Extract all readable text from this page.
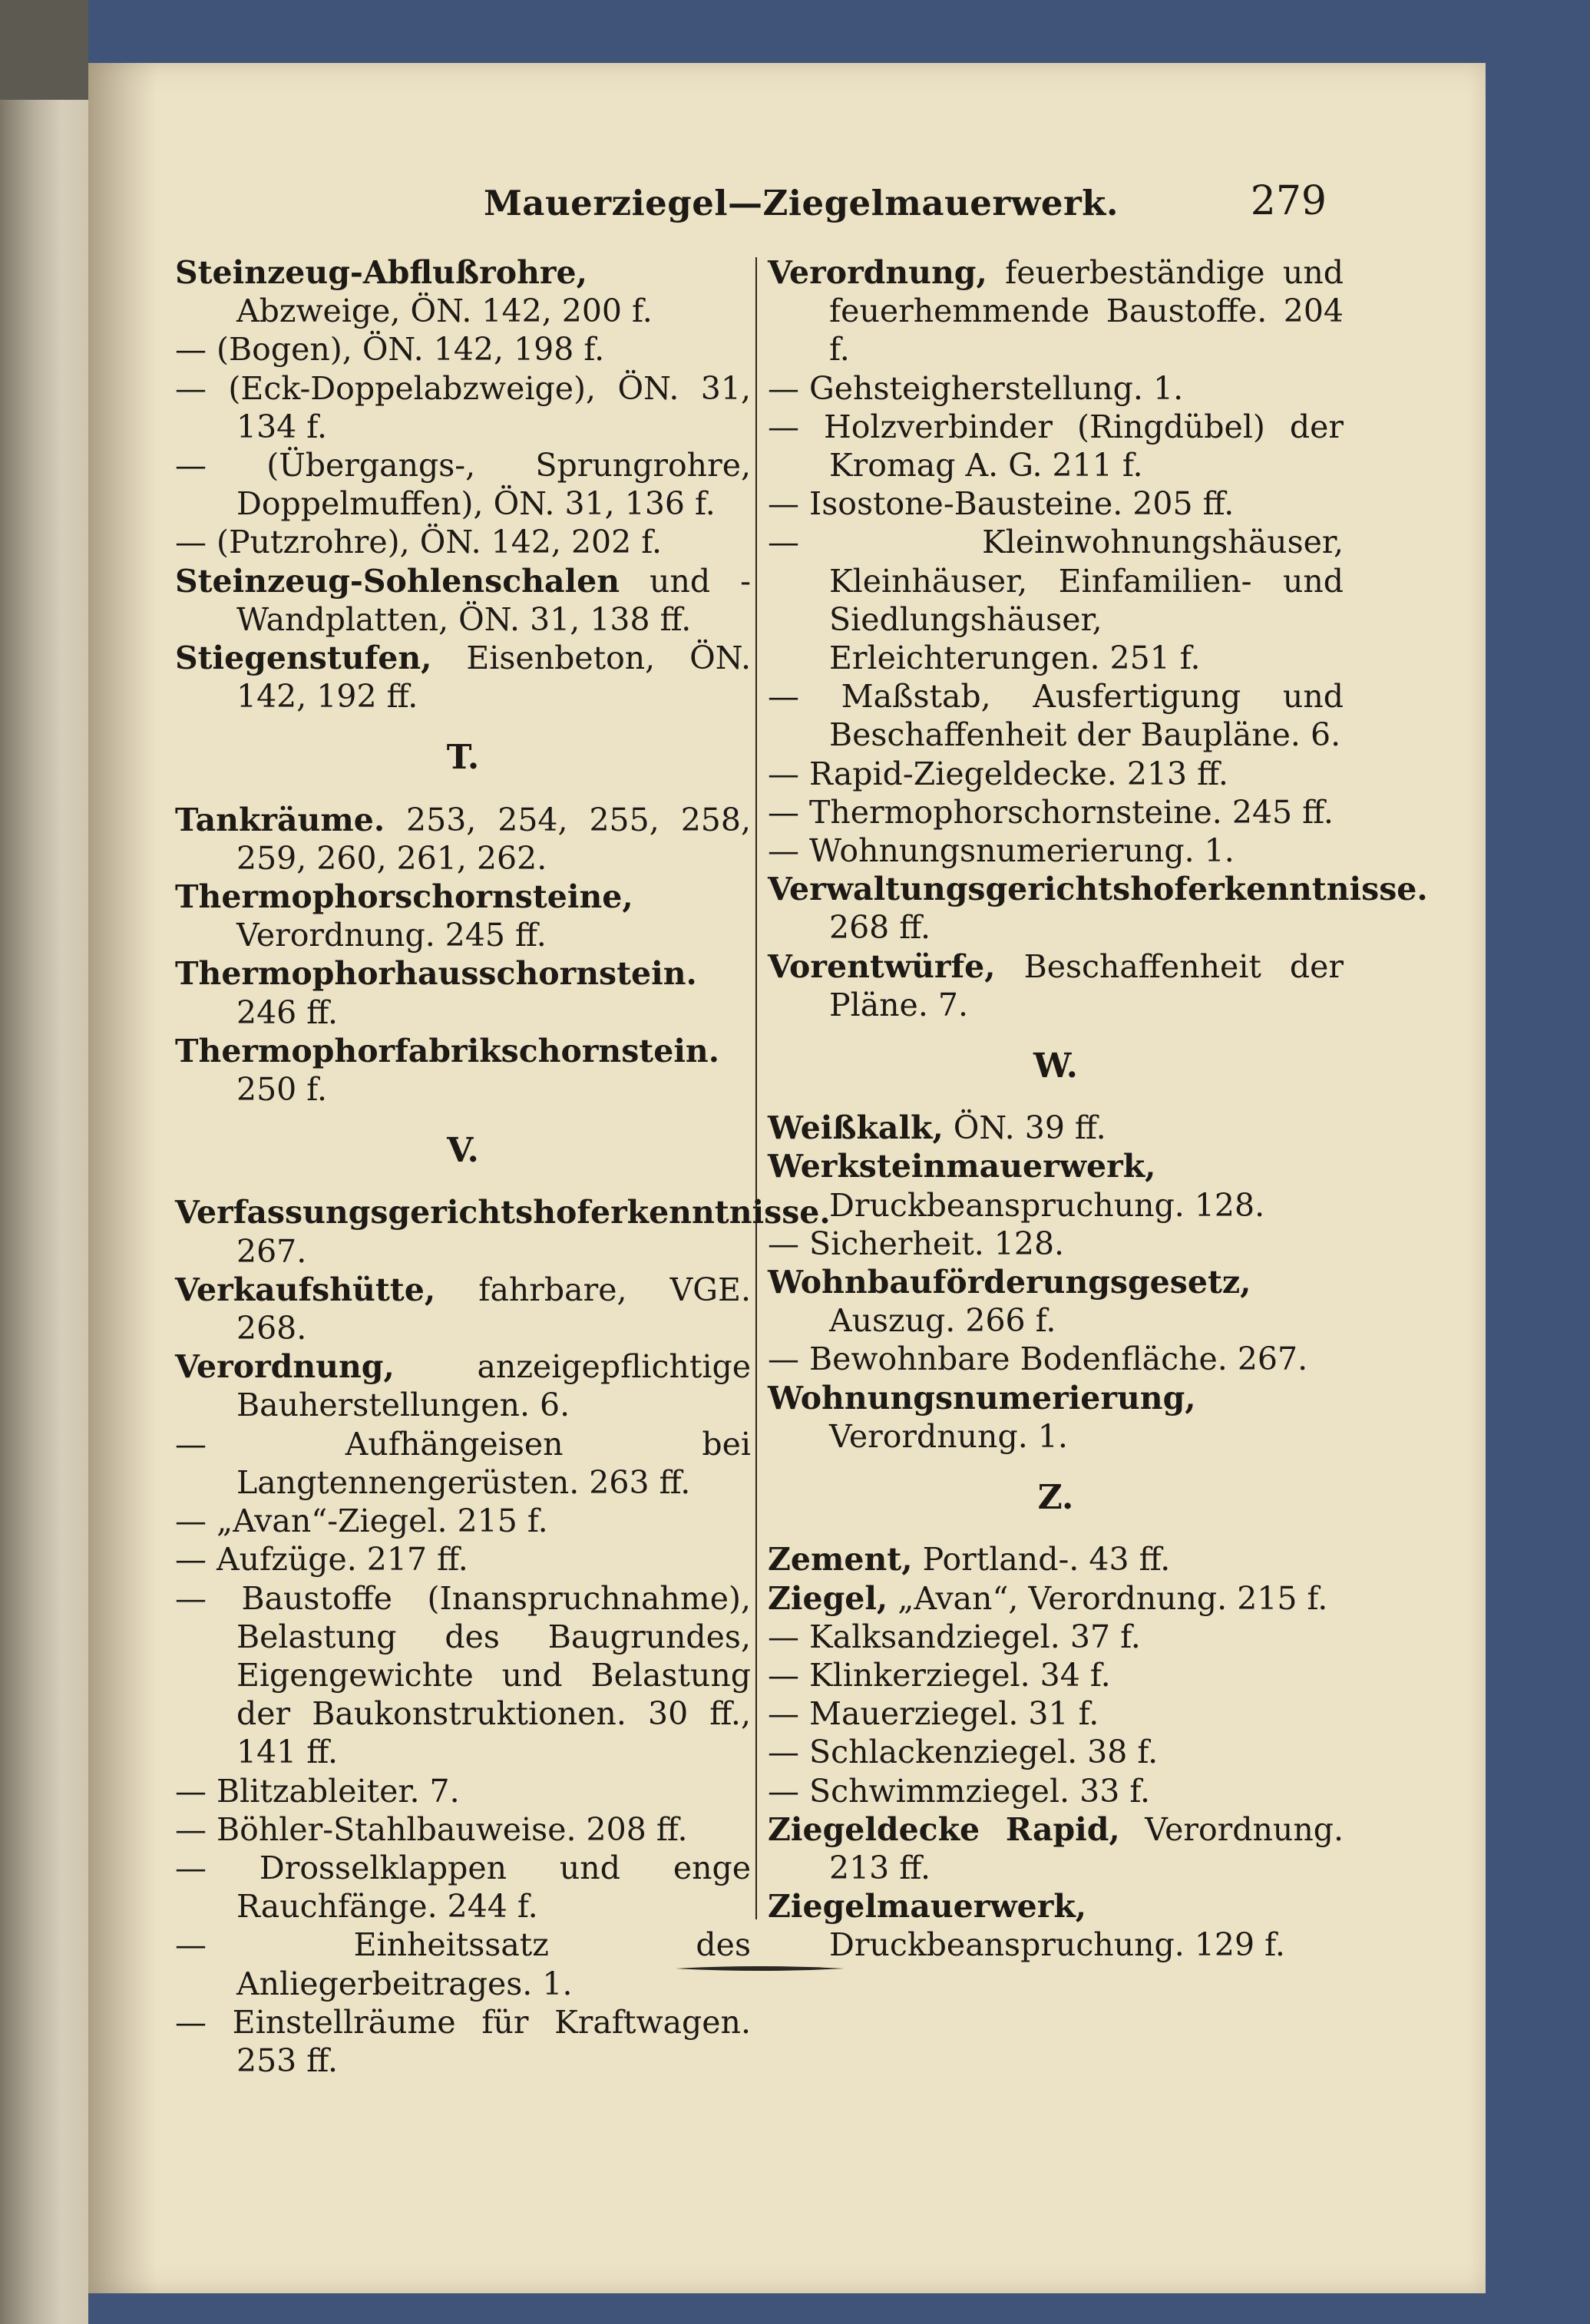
Mauerziegel—Ziegelmauerwerk.	279

Steinzeug-Abflußrohre, Abzweige, ÖN. 142, 200 f.

— (Bogen), ÖN. 142, 198 f.

— (Eck-Doppelabzweige), ÖN. 31, 134 f.

— (Übergangs-, Sprungrohre, Doppelmuffen), ÖN. 31, 136 f.

— (Putzrohre), ÖN. 142, 202 f.

Steinzeug-Sohlenschalen und -Wandplatten, ÖN. 31, 138 ff.

Stiegenstufen, Eisenbeton, ÖN. 142, 192 ff.

T.

Tankräume. 253, 254, 255, 258, 259, 260, 261, 262.

Thermophorschornsteine, Verordnung. 245 ff.

Thermophorhausschornstein. 246 ff.

Thermophorfabrikschornstein. 250 f.

V.

Verfassungsgerichtshoferkenntnisse. 267.

Verkaufshütte, fahrbare, VGE. 268.

Verordnung,	anzeigepflichtige Bauherstellungen. 6.

— Aufhängeisen bei Langtennengerüsten. 263 ff.

— „Avan“-Ziegel. 215 f.

— Aufzüge. 217 ff.

— Baustoffe (Inanspruchnahme), Belastung des Baugrundes, Eigengewichte und Belastung der Baukonstruktionen. 30 ff., 141 ff.

— Blitzableiter. 7.

— Böhler-Stahlbauweise. 208 ff.

— Drosselklappen und enge Rauchfänge. 244 f.

— Einheitssatz des Anliegerbeitrages. 1.

— Einstellräume für Kraftwagen. 253 ff.

Verordnung, feuerbeständige und feuerhemmende Baustoffe. 204 f.

— Gehsteigherstellung. 1.

— Holzverbinder (Ringdübel) der Kromag A. G. 211 f.

— Isostone-Bausteine. 205 ff.

— Kleinwohnungshäuser, Kleinhäuser, Einfamilien- und Siedlungshäuser, Erleichterungen. 251 f.

— Maßstab, Ausfertigung und Beschaffenheit der Baupläne. 6.

— Rapid-Ziegeldecke. 213 ff.

— Thermophorschornsteine. 245 ff.

— Wohnungsnumerierung. 1.

Verwaltungsgerichtshoferkenntnisse. 268 ff.

Vorentwürfe, Beschaffenheit der Pläne. 7.

W.

Weißkalk, ÖN. 39 ff.

Werksteinmauerwerk, Druckbeanspruchung. 128.

— Sicherheit. 128.

Wohnbauförderungsgesetz, Auszug. 266 f.

— Bewohnbare Bodenfläche. 267.

Wohnungsnumerierung, Verordnung. 1.

Z.

Zement, Portland-. 43 ff.

Ziegel, „Avan“, Verordnung. 215 f.

— Kalksandziegel. 37 f.

— Klinkerziegel. 34 f.

— Mauerziegel. 31 f.

— Schlackenziegel. 38 f.

— Schwimmziegel. 33 f.

Ziegeldecke Rapid, Verordnung. 213 ff.

Ziegelmauerwerk, Druckbeanspruchung. 129 f.
